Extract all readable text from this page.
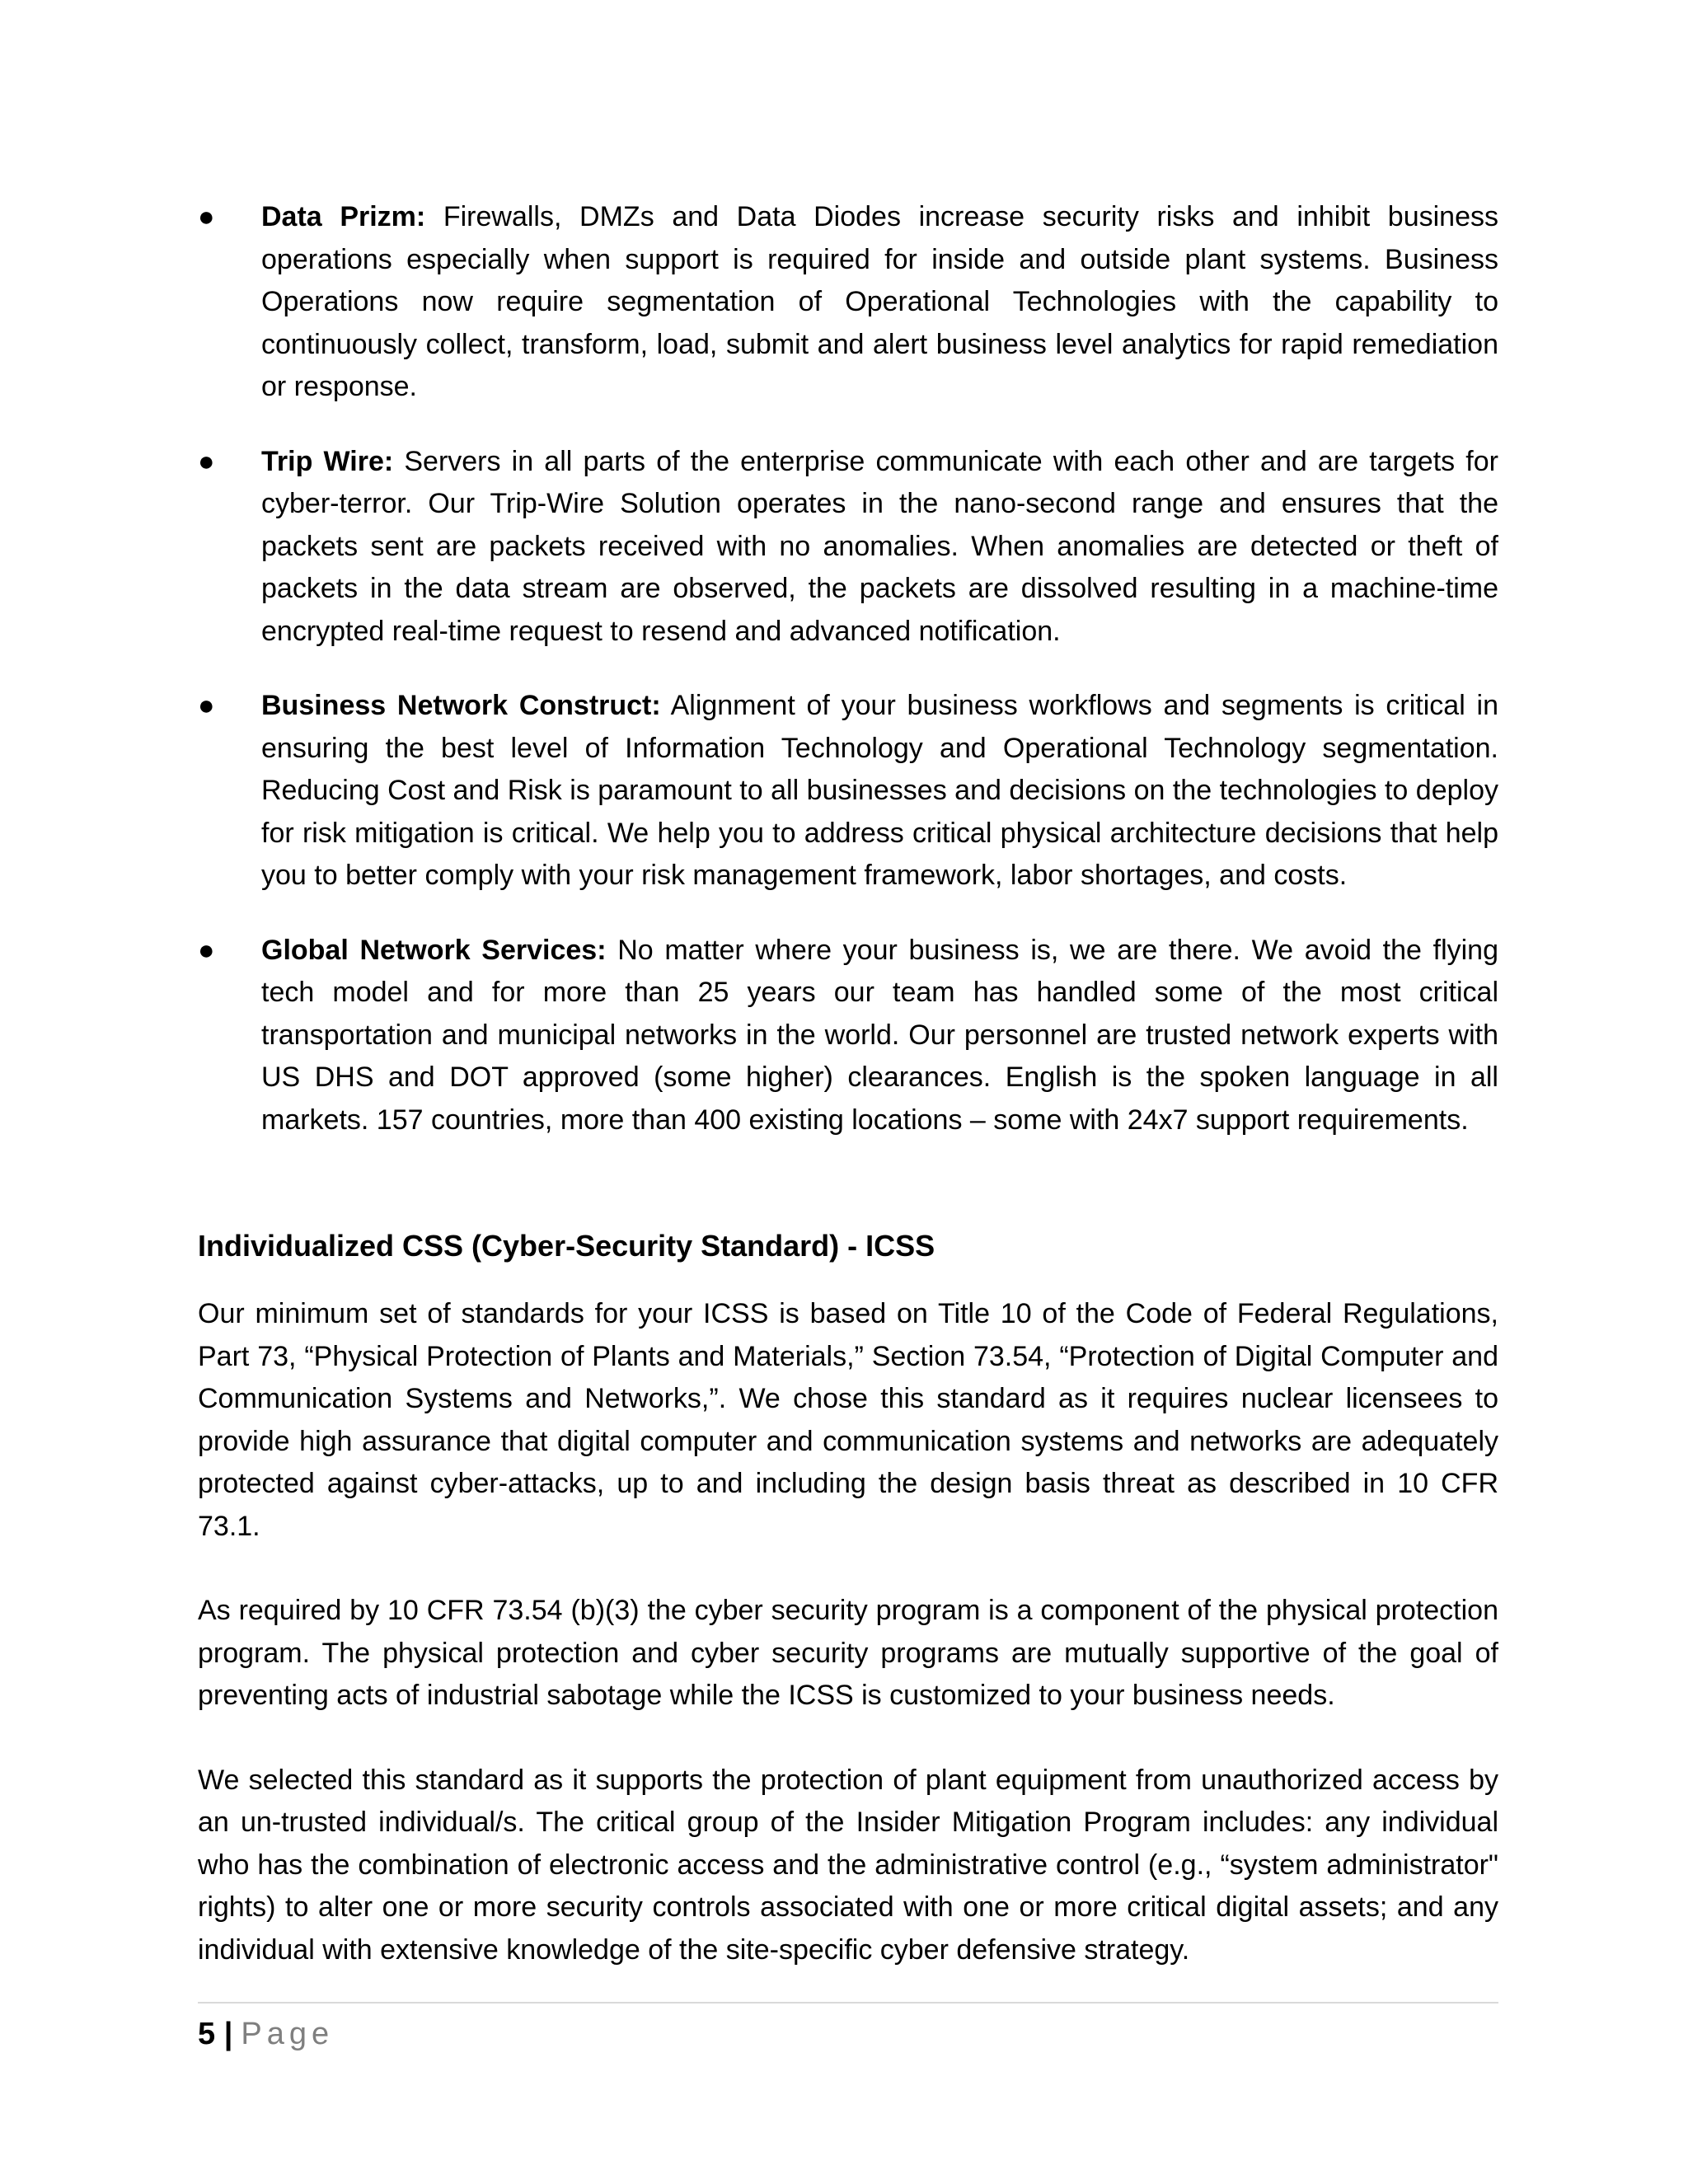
● Data Prizm: Firewalls, DMZs and Data Diodes increase security risks and inhibit business operations especially when support is required for inside and outside plant systems. Business Operations now require segmentation of Operational Technologies with the capability to continuously collect, transform, load, submit and alert business level analytics for rapid remediation or response.
● Trip Wire: Servers in all parts of the enterprise communicate with each other and are targets for cyber-terror. Our Trip-Wire Solution operates in the nano-second range and ensures that the packets sent are packets received with no anomalies. When anomalies are detected or theft of packets in the data stream are observed, the packets are dissolved resulting in a machine-time encrypted real-time request to resend and advanced notification.
● Business Network Construct: Alignment of your business workflows and segments is critical in ensuring the best level of Information Technology and Operational Technology segmentation. Reducing Cost and Risk is paramount to all businesses and decisions on the technologies to deploy for risk mitigation is critical. We help you to address critical physical architecture decisions that help you to better comply with your risk management framework, labor shortages, and costs.
● Global Network Services: No matter where your business is, we are there. We avoid the flying tech model and for more than 25 years our team has handled some of the most critical transportation and municipal networks in the world. Our personnel are trusted network experts with US DHS and DOT approved (some higher) clearances. English is the spoken language in all markets. 157 countries, more than 400 existing locations – some with 24x7 support requirements.
Individualized CSS (Cyber-Security Standard) - ICSS

Our minimum set of standards for your ICSS is based on Title 10 of the Code of Federal Regulations, Part 73, “Physical Protection of Plants and Materials,” Section 73.54, “Protection of Digital Computer and Communication Systems and Networks,”. We chose this standard as it requires nuclear licensees to provide high assurance that digital computer and communication systems and networks are adequately protected against cyber-attacks, up to and including the design basis threat as described in 10 CFR 73.1.

As required by 10 CFR 73.54 (b)(3) the cyber security program is a component of the physical protection program. The physical protection and cyber security programs are mutually supportive of the goal of preventing acts of industrial sabotage while the ICSS is customized to your business needs.

We selected this standard as it supports the protection of plant equipment from unauthorized access by an un-trusted individual/s. The critical group of the Insider Mitigation Program includes: any individual who has the combination of electronic access and the administrative control (e.g., “system administrator" rights) to alter one or more security controls associated with one or more critical digital assets; and any individual with extensive knowledge of the site-specific cyber defensive strategy.

5 | Page
